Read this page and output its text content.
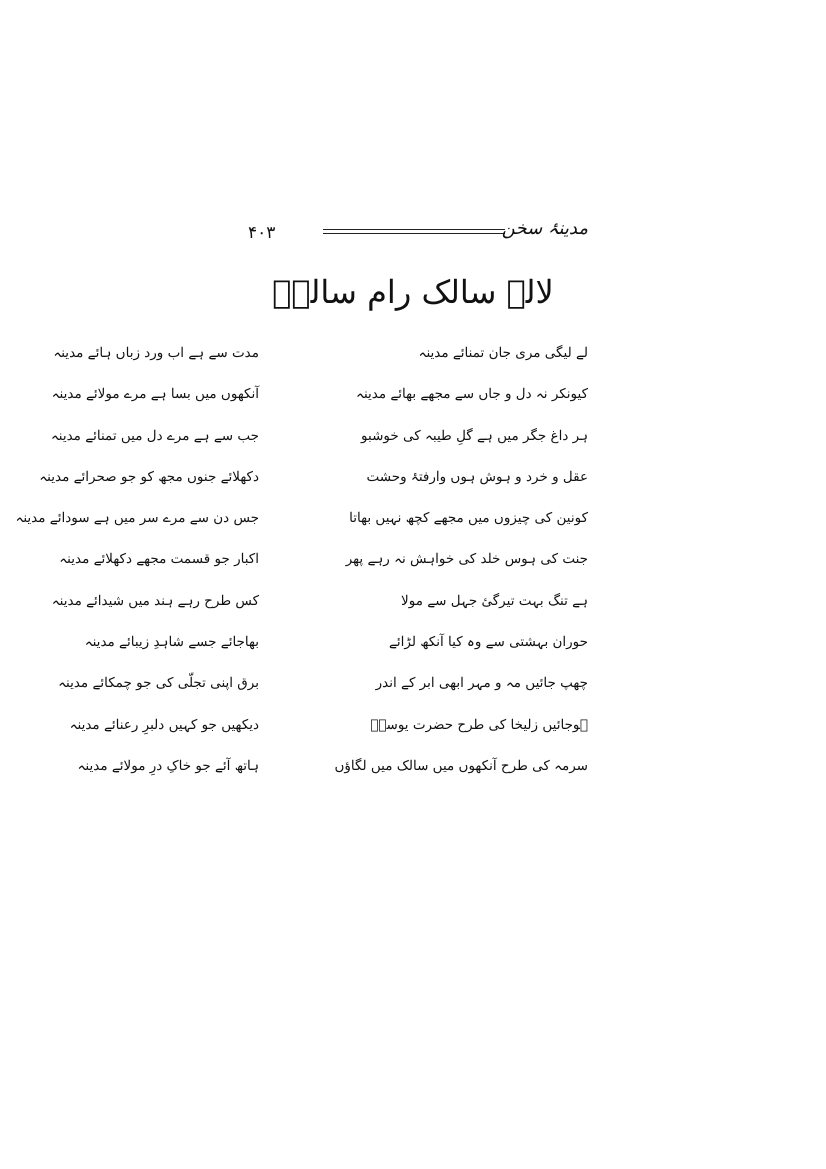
۴۰۳	مدینۂ سخن
لالہ سالک رام سالکؔ
لے لیگی مری جان تمنائے مدینہ
مدت سے ہے اب ورد زباں ہائے مدینہ
کیونکر نہ دل و جاں سے مجھے بھائے مدینہ
آنکھوں میں بسا ہے مرے مولائے مدینہ
ہر داغ جگر میں ہے گلِ طیبہ کی خوشبو
جب سے ہے مرے دل میں تمنائے مدینہ
عقل و خرد و ہوش ہوں وارفتۂ وحشت
دکھلائے جنوں مجھ کو جو صحرائے مدینہ
کونین کی چیزوں میں مجھے کچھ نہیں بھاتا
جس دن سے مرے سر میں ہے سودائے مدینہ
جنت کی ہوس خلد کی خواہش نہ رہے پھر
اکبار جو قسمت مجھے دکھلائے مدینہ
ہے تنگ بہت تیرگیٔ جہل سے مولا
کس طرح رہے ہند میں شیدائے مدینہ
حوران بہشتی سے وہ کیا آنکھ لڑائے
بھاجائے جسے شاہدِ زیبائے مدینہ
چھپ جائیں مہ و مہر ابھی ابر کے اندر
برق اپنی تجلّی کی جو چمکائے مدینہ
ہوجائیں زلیخا کی طرح حضرت یوسفؑ
دیکھیں جو کہیں دلبرِ رعنائے مدینہ
سرمہ کی طرح آنکھوں میں سالک میں لگاؤں
ہاتھ آئے جو خاکِ درِ مولائے مدینہ
